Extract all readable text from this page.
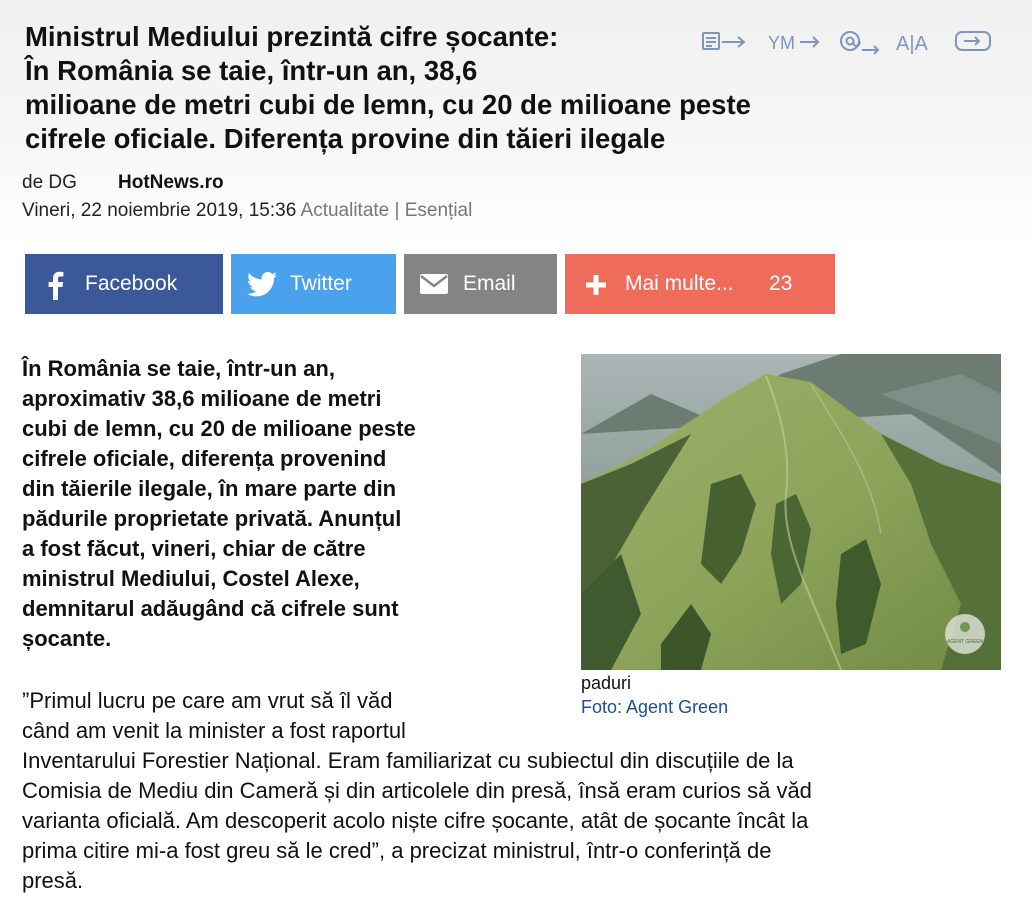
Ministrul Mediului prezintă cifre șocante:
În România se taie, într-un an, 38,6
milioane de metri cubi de lemn, cu 20 de milioane peste
cifrele oficiale. Diferența provine din tăieri ilegale
YM	A|A
de DG HotNews.ro
Vineri, 22 noiembrie 2019, 15:36 Actualitate | Esențial
Facebook	Twitter	Email	Mai multe... 23

În România se taie, într-un an,
aproximativ 38,6 milioane de metri
cubi de lemn, cu 20 de milioane peste
cifrele oficiale, diferența provenind
din tăierile ilegale, în mare parte din
pădurile proprietate privată. Anunțul
a fost făcut, vineri, chiar de către
ministrul Mediului, Costel Alexe,
demnitarul adăugând că cifrele sunt
șocante.	AGENT GREEN
paduri
Foto: Agent Green

”Primul lucru pe care am vrut să îl văd
când am venit la minister a fost raportul
Inventarului Forestier Național. Eram familiarizat cu subiectul din discuțiile de la
Comisia de Mediu din Cameră și din articolele din presă, însă eram curios să văd
varianta oficială. Am descoperit acolo niște cifre șocante, atât de șocante încât la
prima citire mi-a fost greu să le cred”, a precizat ministrul, într-o conferință de
presă.
